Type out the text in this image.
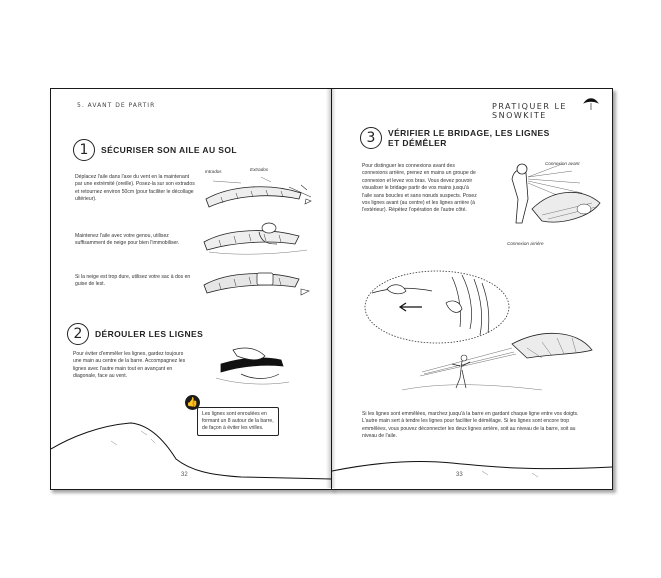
5. AVANT DE PARTIR
1	SÉCURISER SON AILE AU SOL
Déplacez l'aile dans l'axe du vent en la maintenant par une extrémité (oreille). Posez-la sur son extrados et retournez environ 50cm (pour faciliter le décollage ultérieur).
Maintenez l'aile avec votre genou, utilisez suffisamment de neige pour bien l'immobiliser.
Si la neige est trop dure, utilisez votre sac à dos en guise de lest.
Intrados	Extrados
2	DÉROULER LES LIGNES
Pour éviter d'emmêler les lignes, gardez toujours une main au centre de la barre. Accompagnez les lignes avec l'autre main tout en avançant en diagonale, face au vent.
👍
Les lignes sont enroulées en formant un 8 autour de la barre, de façon à éviter les vrilles.
32
PRATIQUER LE SNOWKITE
3	VÉRIFIER LE BRIDAGE, LES LIGNES
ET DÉMÊLER
Pour distinguer les connexions avant des connexions arrière, prenez en mains un groupe de connexion et levez vos bras. Vous devez pouvoir visualiser le bridage partir de vos mains jusqu'à l'aile sans boucles et sans nœuds suspects. Posez vos lignes avant (au centre) et les lignes arrière (à l'extérieur). Répétez l'opération de l'autre côté.
Connexion avant
Connexion arrière
Si les lignes sont emmêlées, marchez jusqu'à la barre en gardant chaque ligne entre vos doigts. L'autre main sert à tendre les lignes pour faciliter le démêlage. Si les lignes sont encore trop emmêlées, vous pouvez déconnecter les deux lignes arrière, soit au niveau de la barre, soit au niveau de l'aile.
33
